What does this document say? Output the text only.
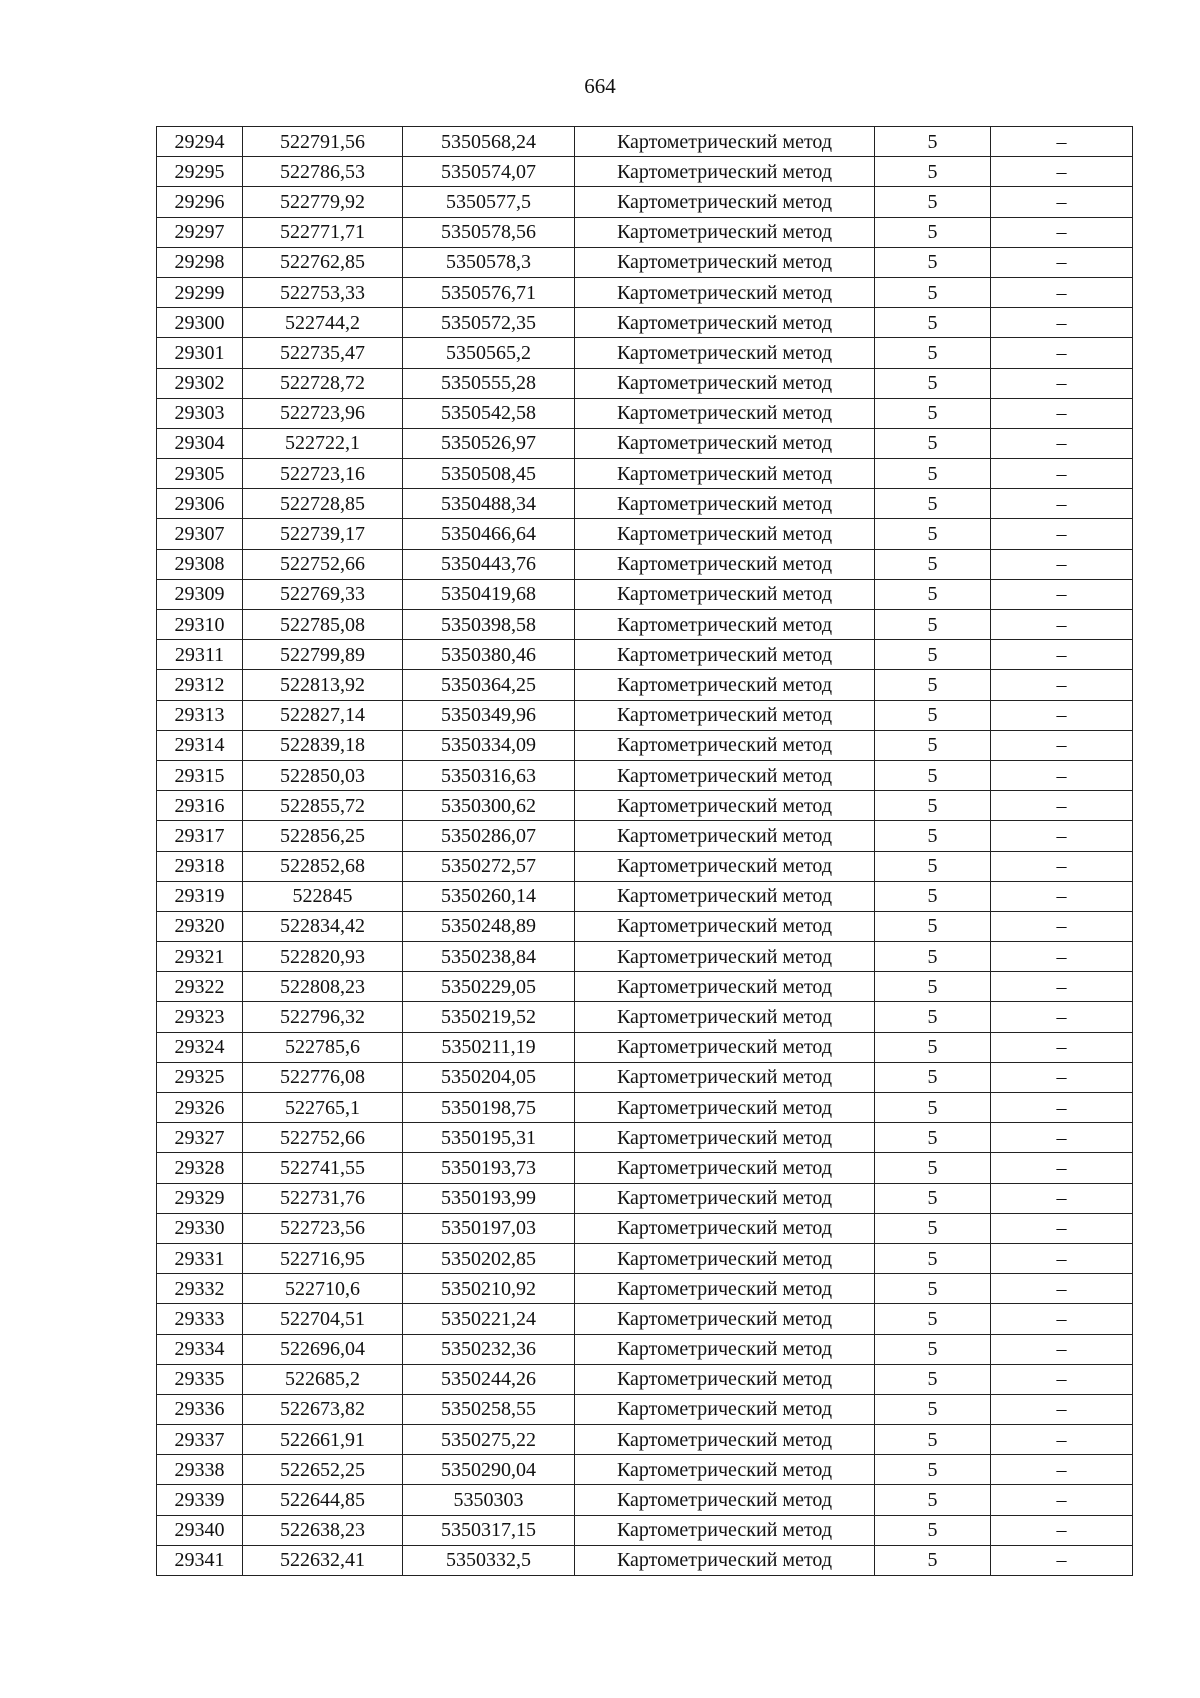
664
29294	522791,56	5350568,24	Картометрический метод	5	–
29295	522786,53	5350574,07	Картометрический метод	5	–
29296	522779,92	5350577,5	Картометрический метод	5	–
29297	522771,71	5350578,56	Картометрический метод	5	–
29298	522762,85	5350578,3	Картометрический метод	5	–
29299	522753,33	5350576,71	Картометрический метод	5	–
29300	522744,2	5350572,35	Картометрический метод	5	–
29301	522735,47	5350565,2	Картометрический метод	5	–
29302	522728,72	5350555,28	Картометрический метод	5	–
29303	522723,96	5350542,58	Картометрический метод	5	–
29304	522722,1	5350526,97	Картометрический метод	5	–
29305	522723,16	5350508,45	Картометрический метод	5	–
29306	522728,85	5350488,34	Картометрический метод	5	–
29307	522739,17	5350466,64	Картометрический метод	5	–
29308	522752,66	5350443,76	Картометрический метод	5	–
29309	522769,33	5350419,68	Картометрический метод	5	–
29310	522785,08	5350398,58	Картометрический метод	5	–
29311	522799,89	5350380,46	Картометрический метод	5	–
29312	522813,92	5350364,25	Картометрический метод	5	–
29313	522827,14	5350349,96	Картометрический метод	5	–
29314	522839,18	5350334,09	Картометрический метод	5	–
29315	522850,03	5350316,63	Картометрический метод	5	–
29316	522855,72	5350300,62	Картометрический метод	5	–
29317	522856,25	5350286,07	Картометрический метод	5	–
29318	522852,68	5350272,57	Картометрический метод	5	–
29319	522845	5350260,14	Картометрический метод	5	–
29320	522834,42	5350248,89	Картометрический метод	5	–
29321	522820,93	5350238,84	Картометрический метод	5	–
29322	522808,23	5350229,05	Картометрический метод	5	–
29323	522796,32	5350219,52	Картометрический метод	5	–
29324	522785,6	5350211,19	Картометрический метод	5	–
29325	522776,08	5350204,05	Картометрический метод	5	–
29326	522765,1	5350198,75	Картометрический метод	5	–
29327	522752,66	5350195,31	Картометрический метод	5	–
29328	522741,55	5350193,73	Картометрический метод	5	–
29329	522731,76	5350193,99	Картометрический метод	5	–
29330	522723,56	5350197,03	Картометрический метод	5	–
29331	522716,95	5350202,85	Картометрический метод	5	–
29332	522710,6	5350210,92	Картометрический метод	5	–
29333	522704,51	5350221,24	Картометрический метод	5	–
29334	522696,04	5350232,36	Картометрический метод	5	–
29335	522685,2	5350244,26	Картометрический метод	5	–
29336	522673,82	5350258,55	Картометрический метод	5	–
29337	522661,91	5350275,22	Картометрический метод	5	–
29338	522652,25	5350290,04	Картометрический метод	5	–
29339	522644,85	5350303	Картометрический метод	5	–
29340	522638,23	5350317,15	Картометрический метод	5	–
29341	522632,41	5350332,5	Картометрический метод	5	–
